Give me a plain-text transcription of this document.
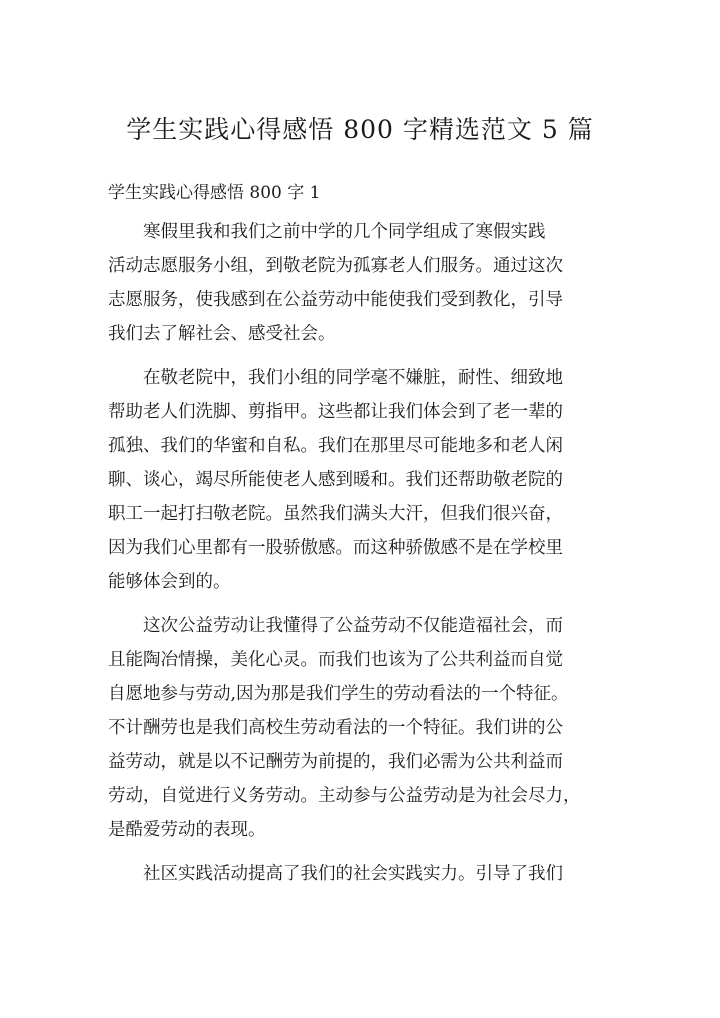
学生实践心得感悟 800 字精选范文 5 篇
学生实践心得感悟 800 字 1
　　寒假里我和我们之前中学的几个同学组成了寒假实践
活动志愿服务小组，到敬老院为孤寡老人们服务。通过这次
志愿服务，使我感到在公益劳动中能使我们受到教化，引导
我们去了解社会、感受社会。
　　在敬老院中，我们小组的同学毫不嫌脏，耐性、细致地
帮助老人们洗脚、剪指甲。这些都让我们体会到了老一辈的
孤独、我们的华蜜和自私。我们在那里尽可能地多和老人闲
聊、谈心，竭尽所能使老人感到暖和。我们还帮助敬老院的
职工一起打扫敬老院。虽然我们满头大汗，但我们很兴奋，
因为我们心里都有一股骄傲感。而这种骄傲感不是在学校里
能够体会到的。
　　这次公益劳动让我懂得了公益劳动不仅能造福社会，而
且能陶冶情操，美化心灵。而我们也该为了公共利益而自觉
自愿地参与劳动,因为那是我们学生的劳动看法的一个特征。
不计酬劳也是我们高校生劳动看法的一个特征。我们讲的公
益劳动，就是以不记酬劳为前提的，我们必需为公共利益而
劳动，自觉进行义务劳动。主动参与公益劳动是为社会尽力，
是酷爱劳动的表现。
　　社区实践活动提高了我们的社会实践实力。引导了我们
